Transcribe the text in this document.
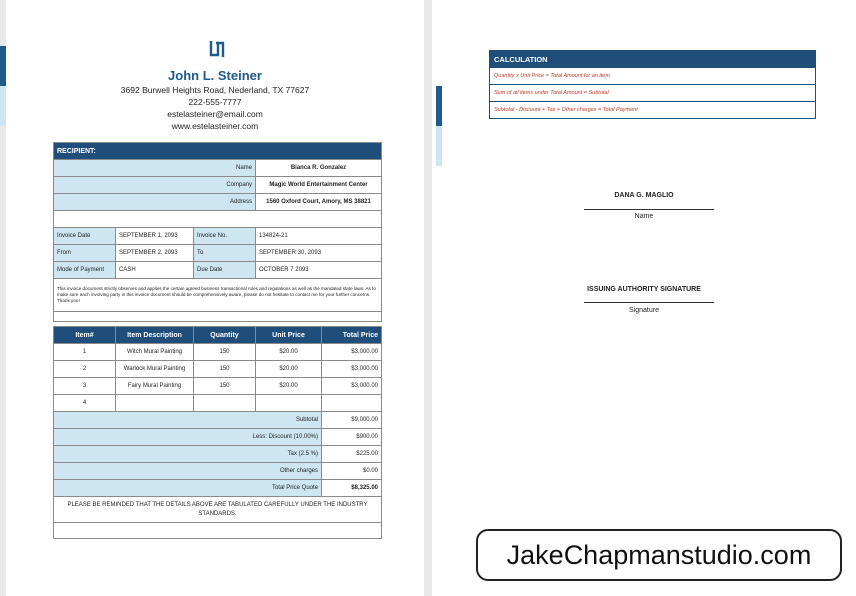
John L. Steiner
3692 Burwell Heights Road, Nederland, TX 77627
222-555-7777
estelasteiner@email.com
www.estelasteiner.com
RECIPIENT:			
Name			Bianca R. Gonzalez
Company			Magic World Entertainment Center
Address			1560 Oxford Court, Amory, MS 38821

Invoice Date	SEPTEMBER 1, 2093	Invoice No.	134824-21
From	SEPTEMBER 2, 2093	To	SEPTEMBER 30, 2093
Mode of Payment	CASH	Due Date	OCTOBER 7 2093
This invoice document strictly observes and applies the certain agreed business transactional rules and regulations as well as the mandated state laws. As to make sure each involving party in this invoice document should be comprehensively aware, please do not hesitate to contact me for your further concerns. Thank you!			

Item#	Item Description	Quantity	Unit Price	Total Price
1	Witch Mural Painting	150	$20.00	$3,000.00
2	Warlock Mural Painting	150	$20.00	$3,000.00
3	Fairy Mural Painting	150	$20.00	$3,000.00
4				
Subtotal				$9,000.00
Less: Discount (10.00%)				$900.00
Tax (2.5 %)				$225.00
Other charges				$0.00
Total Price Quote				$8,325.00
PLEASE BE REMINDED THAT THE DETAILS ABOVE ARE TABULATED CAREFULLY UNDER THE INDUSTRY STANDARDS.				

CALCULATION
Quantity x Unit Price = Total Amount for an item
Sum of all items under Total Amount = Subtotal
Subtotal - Discount + Tax + Other charges = Total Payment
DANA G. MAGLIO
Name
ISSUING AUTHORITY SIGNATURE
Signature
JakeChapmanstudio.com
